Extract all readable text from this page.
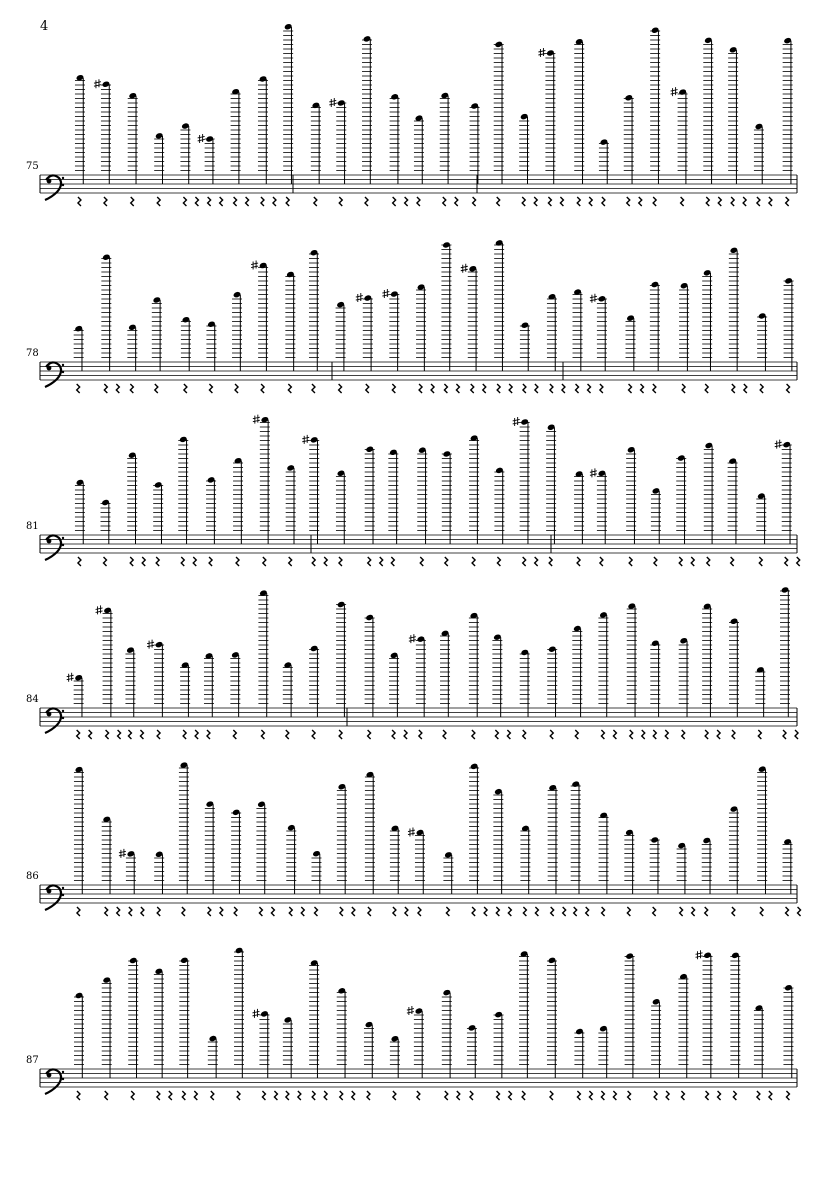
4
75
78
81
84
86
87
